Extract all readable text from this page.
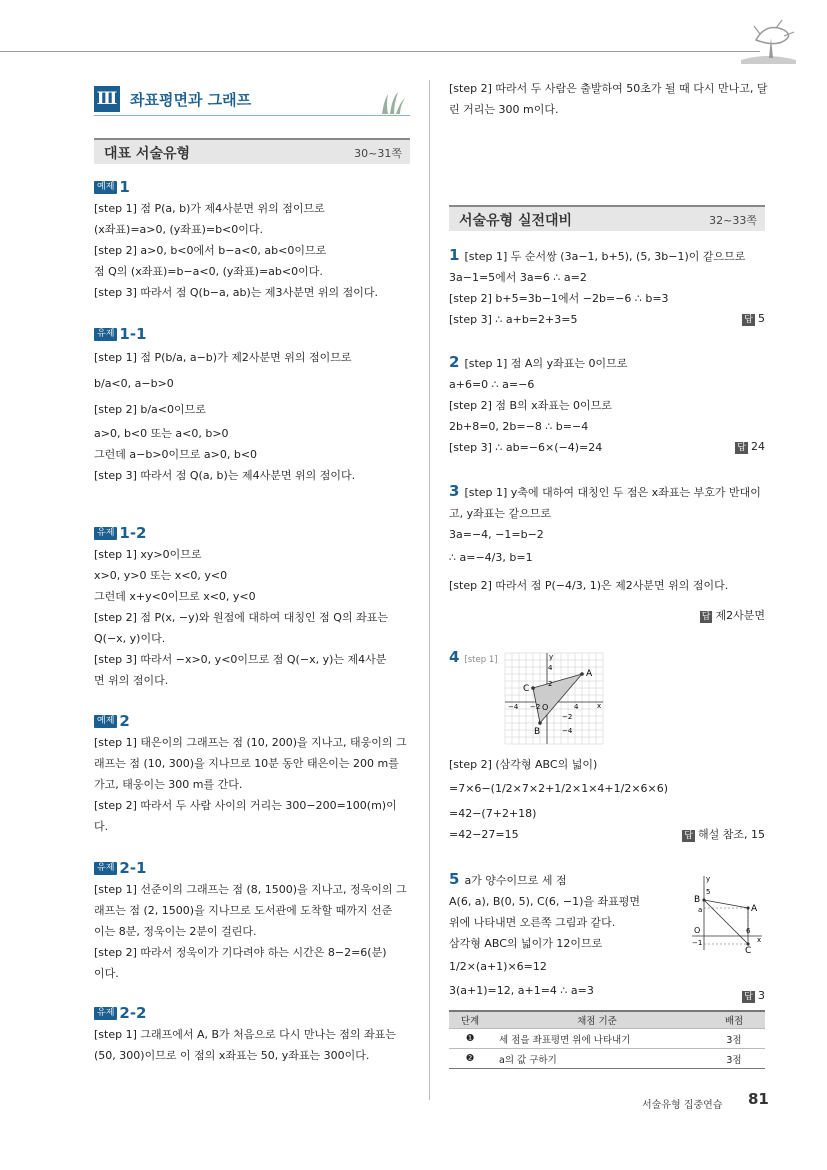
Ⅲ 좌표평면과 그래프
대표 서술유형	30~31쪽

예제 1

[step 1] 점 P(a, b)가 제4사분면 위의 점이므로

(x좌표)=a>0, (y좌표)=b<0이다.

[step 2] a>0, b<0에서 b−a<0, ab<0이므로

점 Q의 (x좌표)=b−a<0, (y좌표)=ab<0이다.

[step 3] 따라서 점 Q(b−a, ab)는 제3사분면 위의 점이다.

유제 1-1

[step 1] 점 P(b/a, a−b)가 제2사분면 위의 점이므로

b/a<0, a−b>0

[step 2] b/a<0이므로

a>0, b<0 또는 a<0, b>0

그런데 a−b>0이므로 a>0, b<0

[step 3] 따라서 점 Q(a, b)는 제4사분면 위의 점이다.

유제 1-2

[step 1] xy>0이므로

x>0, y>0 또는 x<0, y<0

그런데 x+y<0이므로 x<0, y<0

[step 2] 점 P(x, −y)와 원점에 대하여 대칭인 점 Q의 좌표는

Q(−x, y)이다.

[step 3] 따라서 −x>0, y<0이므로 점 Q(−x, y)는 제4사분

면 위의 점이다.

예제 2

[step 1] 태은이의 그래프는 점 (10, 200)을 지나고, 태웅이의 그

래프는 점 (10, 300)을 지나므로 10분 동안 태은이는 200 m를

가고, 태웅이는 300 m를 간다.

[step 2] 따라서 두 사람 사이의 거리는 300−200=100(m)이

다.

유제 2-1

[step 1] 선준이의 그래프는 점 (8, 1500)을 지나고, 정욱이의 그

래프는 점 (2, 1500)을 지나므로 도서관에 도착할 때까지 선준

이는 8분, 정욱이는 2분이 걸린다.

[step 2] 따라서 정욱이가 기다려야 하는 시간은 8−2=6(분)

이다.

유제 2-2

[step 1] 그래프에서 A, B가 처음으로 다시 만나는 점의 좌표는

(50, 300)이므로 이 점의 x좌표는 50, y좌표는 300이다.

[step 2] 따라서 두 사람은 출발하여 50초가 될 때 다시 만나고, 달

린 거리는 300 m이다.

서술유형 실전대비	32~33쪽

1 [step 1] 두 순서쌍 (3a−1, b+5), (5, 3b−1)이 같으므로

3a−1=5에서 3a=6 ∴ a=2

[step 2] b+5=3b−1에서 −2b=−6 ∴ b=3

[step 3] ∴ a+b=2+3=5	답 5

2 [step 1] 점 A의 y좌표는 0이므로

a+6=0 ∴ a=−6

[step 2] 점 B의 x좌표는 0이므로

2b+8=0, 2b=−8 ∴ b=−4

[step 3] ∴ ab=−6×(−4)=24	답 24

3 [step 1] y축에 대하여 대칭인 두 점은 x좌표는 부호가 반대이

고, y좌표는 같으므로

3a=−4, −1=b−2

∴ a=−4/3, b=1

[step 2] 따라서 점 P(−4/3, 1)은 제2사분면 위의 점이다.

답 제2사분면

4 [step 1]

A
C
B
O	x
y
4
2
−2
−4
−4 −2	4

[step 2] (삼각형 ABC의 넓이)

=7×6−(1/2×7×2+1/2×1×4+1/2×6×6)

=42−(7+2+18)

=42−27=15	답 해설 참조, 15

5 a가 양수이므로 세 점

A(6, a), B(0, 5), C(6, −1)을 좌표평면

위에 나타내면 오른쪽 그림과 같다.

삼각형 ABC의 넓이가 12이므로

1/2×(a+1)×6=12

3(a+1)=12, a+1=4 ∴ a=3	답 3
B
A
C
O
y
x
5
a
6
−1
단계	채점 기준	배점
❶	세 점을 좌표평면 위에 나타내기	3점
❷	a의 값 구하기	3점
서술유형 집중연습 81
